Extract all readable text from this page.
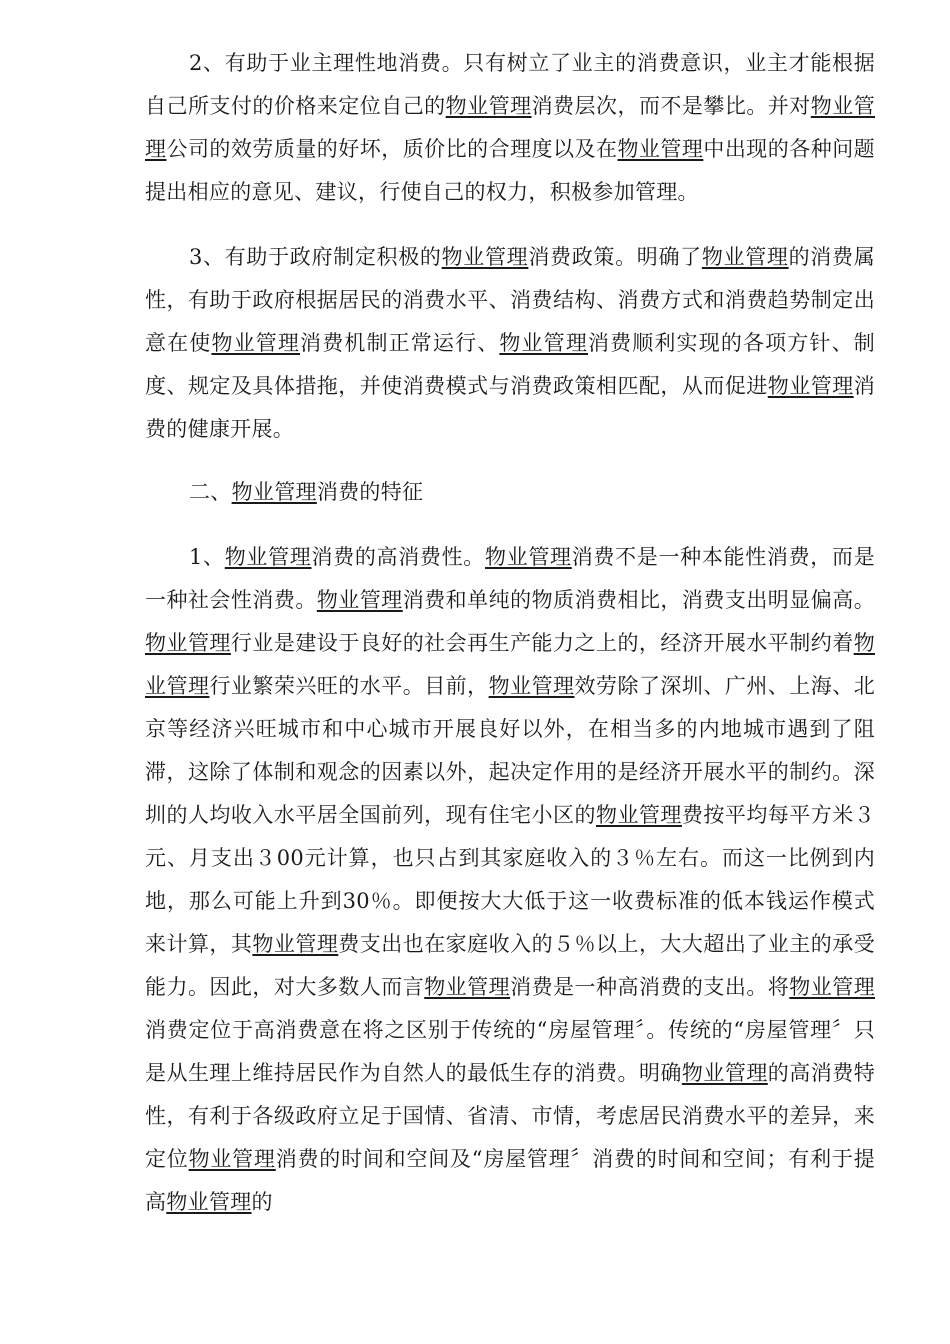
2、有助于业主理性地消费。只有树立了业主的消费意识，业主才能根据自己所支付的价格来定位自己的物业管理消费层次，而不是攀比。并对物业管理公司的效劳质量的好坏，质价比的合理度以及在物业管理中出现的各种问题提出相应的意见、建议，行使自己的权力，积极参加管理。

3、有助于政府制定积极的物业管理消费政策。明确了物业管理的消费属性，有助于政府根据居民的消费水平、消费结构、消费方式和消费趋势制定出意在使物业管理消费机制正常运行、物业管理消费顺利实现的各项方针、制度、规定及具体措拖，并使消费模式与消费政策相匹配，从而促进物业管理消费的健康开展。

二、物业管理消费的特征

1、物业管理消费的高消费性。物业管理消费不是一种本能性消费，而是一种社会性消费。物业管理消费和单纯的物质消费相比，消费支出明显偏高。物业管理行业是建设于良好的社会再生产能力之上的，经济开展水平制约着物业管理行业繁荣兴旺的水平。目前，物业管理效劳除了深圳、广州、上海、北京等经济兴旺城市和中心城市开展良好以外，在相当多的内地城市遇到了阻滞，这除了体制和观念的因素以外，起决定作用的是经济开展水平的制约。深圳的人均收入水平居全国前列，现有住宅小区的物业管理费按平均每平方米３元、月支出３00元计算，也只占到其家庭收入的３％左右。而这一比例到内地，那么可能上升到30％。即便按大大低于这一收费标准的低本钱运作模式来计算，其物业管理费支出也在家庭收入的５％以上，大大超出了业主的承受能力。因此，对大多数人而言物业管理消费是一种高消费的支出。将物业管理消费定位于高消费意在将之区别于传统的“房屋管理〞。传统的“房屋管理〞只是从生理上维持居民作为自然人的最低生存的消费。明确物业管理的高消费特性，有利于各级政府立足于国情、省清、市情，考虑居民消费水平的差异，来定位物业管理消费的时间和空间及“房屋管理〞消费的时间和空间；有利于提高物业管理的
